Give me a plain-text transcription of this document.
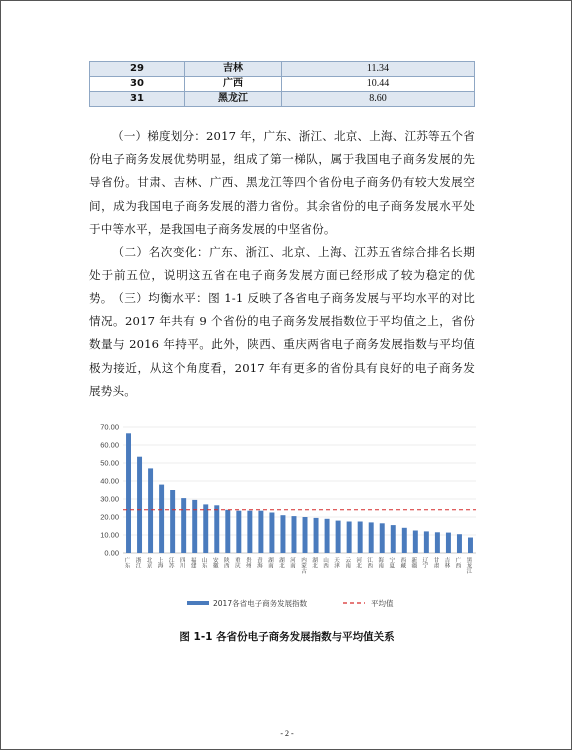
29	吉林	11.34
30	广西	10.44
31	黑龙江	8.60

（一）梯度划分：2017 年，广东、浙江、北京、上海、江苏等五个省份电子商务发展优势明显，组成了第一梯队，属于我国电子商务发展的先导省份。甘肃、吉林、广西、黑龙江等四个省份电子商务仍有较大发展空间，成为我国电子商务发展的潜力省份。其余省份的电子商务发展水平处于中等水平，是我国电子商务发展的中坚省份。

（二）名次变化：广东、浙江、北京、上海、江苏五省综合排名长期处于前五位，说明这五省在电子商务发展方面已经形成了较为稳定的优势。 （三）均衡水平：图 1-1 反映了各省电子商务发展与平均水平的对比情况。2017 年共有 9 个省份的电子商务发展指数位于平均值之上，省份数量与 2016 年持平。此外，陕西、重庆两省电子商务发展指数与平均值极为接近，从这个角度看，2017 年有更多的省份具有良好的电子商务发展势头。

0.00
10.00
20.00
30.00
40.00
50.00
60.00
70.00
广东 浙江 北京 上海 江苏 四川 福建 山东 安徽 陕西 重庆 贵州 青海 湖南 湖北 河南 内蒙古 湖北 山西 天津 云南 河北 江西 海南 宁夏 西藏 新疆 辽宁 甘肃 吉林 广西 黑龙江
2017各省电子商务发展指数	平均值
图 1-1 各省份电子商务发展指数与平均值关系
- 2 -
